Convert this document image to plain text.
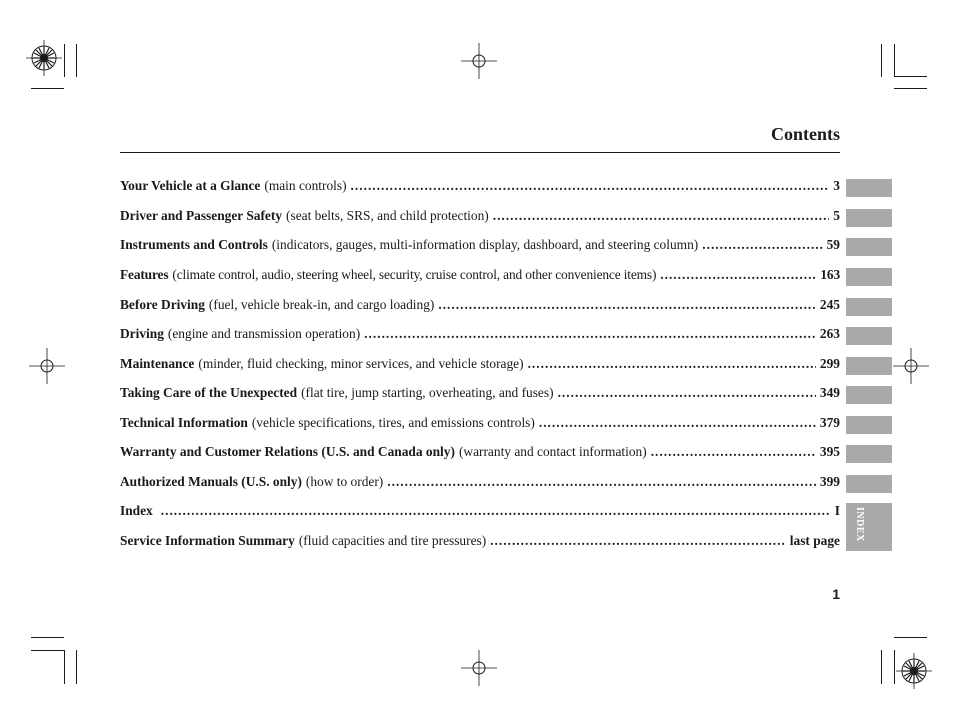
Contents
Your Vehicle at a Glance (main controls) .....	3
Driver and Passenger Safety (seat belts, SRS, and child protection) .....	5
Instruments and Controls (indicators, gauges, multi-information display, dashboard, and steering column) .....	59
Features (climate control, audio, steering wheel, security, cruise control, and other convenience items) .....	163
Before Driving (fuel, vehicle break-in, and cargo loading) .....	245
Driving (engine and transmission operation) .....	263
Maintenance (minder, fluid checking, minor services, and vehicle storage) .....	299
Taking Care of the Unexpected (flat tire, jump starting, overheating, and fuses) .....	349
Technical Information (vehicle specifications, tires, and emissions controls) .....	379
Warranty and Customer Relations (U.S. and Canada only) (warranty and contact information) .....	395
Authorized Manuals (U.S. only) (how to order) .....	399
Index .....	I
Service Information Summary (fluid capacities and tire pressures) .....	last page	INDEX
1
